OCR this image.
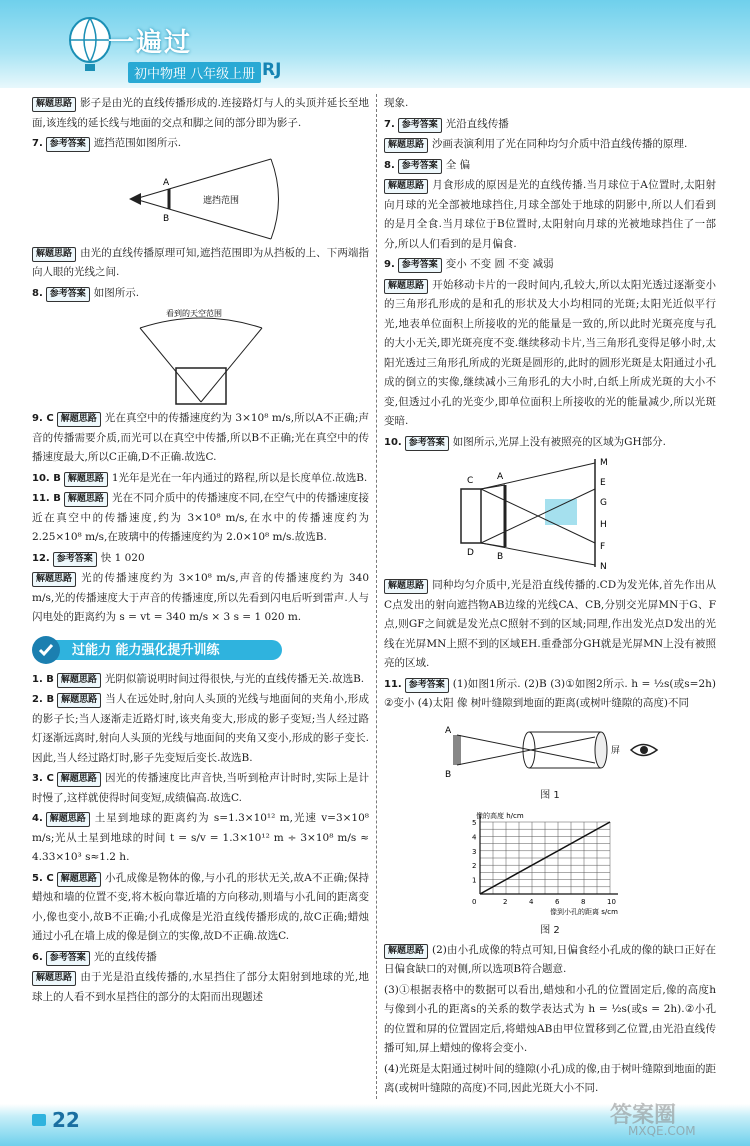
一遍过
初中物理 八年级上册 RJ

解题思路 影子是由光的直线传播形成的.连接路灯与人的头顶并延长至地面,该连线的延长线与地面的交点和脚之间的部分即为影子.

7. 参考答案 遮挡范围如图所示.

A
B
遮挡范围

解题思路 由光的直线传播原理可知,遮挡范围即为从挡板的上、下两端指向人眼的光线之间.

8. 参考答案 如图所示.

看到的天空范围

9. C 解题思路 光在真空中的传播速度约为 3×10⁸ m/s,所以A不正确;声音的传播需要介质,而光可以在真空中传播,所以B不正确;光在真空中的传播速度最大,所以C正确,D不正确.故选C.

10. B 解题思路 1光年是光在一年内通过的路程,所以是长度单位.故选B.

11. B 解题思路 光在不同介质中的传播速度不同,在空气中的传播速度接近在真空中的传播速度,约为 3×10⁸ m/s,在水中的传播速度约为 2.25×10⁸ m/s,在玻璃中的传播速度约为 2.0×10⁸ m/s.故选B.

12. 参考答案 快 1 020

解题思路 光的传播速度约为 3×10⁸ m/s,声音的传播速度约为 340 m/s,光的传播速度大于声音的传播速度,所以先看到闪电后听到雷声.人与闪电处的距离约为 s = vt = 340 m/s × 3 s = 1 020 m.

过能力 能力强化提升训练

1. B 解题思路 光阴似箭说明时间过得很快,与光的直线传播无关.故选B.

2. B 解题思路 当人在远处时,射向人头顶的光线与地面间的夹角小,形成的影子长;当人逐渐走近路灯时,该夹角变大,形成的影子变短;当人经过路灯逐渐远离时,射向人头顶的光线与地面间的夹角又变小,形成的影子变长.因此,当人经过路灯时,影子先变短后变长.故选B.

3. C 解题思路 因光的传播速度比声音快,当听到枪声计时时,实际上是计时慢了,这样就使得时间变短,成绩偏高.故选C.

4. 解题思路 土星到地球的距离约为 s=1.3×10¹² m,光速 v=3×10⁸ m/s;光从土星到地球的时间 t = s/v = 1.3×10¹² m ÷ 3×10⁸ m/s ≈ 4.33×10³ s≈1.2 h.

5. C 解题思路 小孔成像是物体的像,与小孔的形状无关,故A不正确;保持蜡烛和墙的位置不变,将木板向靠近墙的方向移动,则墙与小孔间的距离变小,像也变小,故B不正确;小孔成像是光沿直线传播形成的,故C正确;蜡烛通过小孔在墙上成的像是倒立的实像,故D不正确.故选C.

6. 参考答案 光的直线传播

解题思路 由于光是沿直线传播的,水星挡住了部分太阳射到地球的光,地球上的人看不到水星挡住的部分的太阳而出现题述

现象.

7. 参考答案 光沿直线传播

解题思路 沙画表演利用了光在同种均匀介质中沿直线传播的原理.

8. 参考答案 全 偏

解题思路 月食形成的原因是光的直线传播.当月球位于A位置时,太阳射向月球的光全部被地球挡住,月球全部处于地球的阴影中,所以人们看到的是月全食.当月球位于B位置时,太阳射向月球的光被地球挡住了一部分,所以人们看到的是月偏食.

9. 参考答案 变小 不变 圆 不变 减弱

解题思路 开始移动卡片的一段时间内,孔较大,所以太阳光透过逐渐变小的三角形孔形成的是和孔的形状及大小均相同的光斑;太阳光近似平行光,地表单位面积上所接收的光的能量是一致的,所以此时光斑亮度与孔的大小无关,即光斑亮度不变.继续移动卡片,当三角形孔变得足够小时,太阳光透过三角形孔所成的光斑是圆形的,此时的圆形光斑是太阳通过小孔成的倒立的实像,继续减小三角形孔的大小时,白纸上所成光斑的大小不变,但透过小孔的光变少,即单位面积上所接收的光的能量减少,所以光斑变暗.

10. 参考答案 如图所示,光屏上没有被照亮的区域为GH部分.

C	A
B
D
M
E
G
H
F
N

解题思路 同种均匀介质中,光是沿直线传播的.CD为发光体,首先作出从C点发出的射向遮挡物AB边缘的光线CA、CB,分别交光屏MN于G、F点,则GF之间就是发光点C照射不到的区域;同理,作出发光点D发出的光线在光屏MN上照不到的区域EH.重叠部分GH就是光屏MN上没有被照亮的区域.

11. 参考答案 (1)如图1所示. (2)B (3)①如图2所示. h = ½s(或s=2h) ②变小 (4)太阳 像 树叶缝隙到地面的距离(或树叶缝隙的高度)不同

A
B
屏

图 1

2	4	6	8	10
1
2
3
4
5
0
像的高度 h/cm
像到小孔的距离 s/cm

图 2

解题思路 (2)由小孔成像的特点可知,日偏食经小孔成的像的缺口正好在日偏食缺口的对侧,所以选项B符合题意.

(3)①根据表格中的数据可以看出,蜡烛和小孔的位置固定后,像的高度h与像到小孔的距离s的关系的数学表达式为 h = ½s(或s = 2h).②小孔的位置和屏的位置固定后,将蜡烛AB由甲位置移到乙位置,由光沿直线传播可知,屏上蜡烛的像将会变小.

(4)光斑是太阳通过树叶间的缝隙(小孔)成的像,由于树叶缝隙到地面的距离(或树叶缝隙的高度)不同,因此光斑大小不同.

22	答案圈
MXQE.COM
